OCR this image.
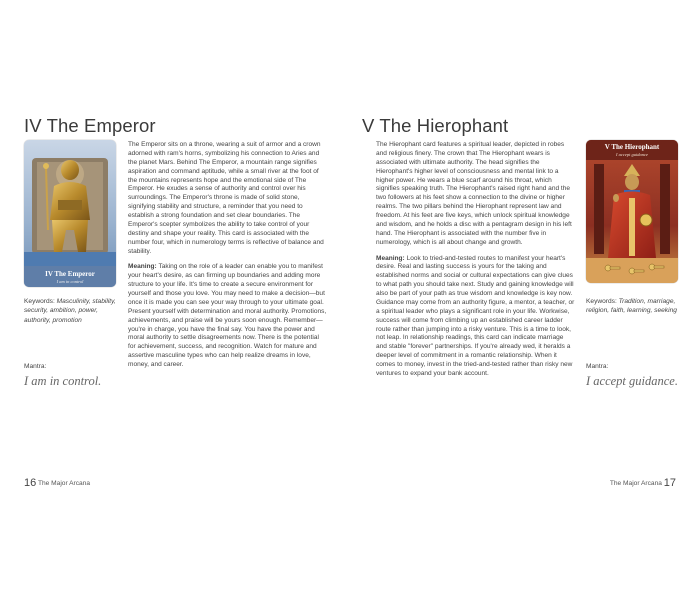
IV The Emperor
IV The Emperor
I am in control
Keywords: Masculinity, stability, security, ambition, power, authority, promotion
Mantra:
I am in control.

The Emperor sits on a throne, wearing a suit of armor and a crown adorned with ram's horns, symbolizing his connection to Aries and the planet Mars. Behind The Emperor, a mountain range signifies aspiration and command aptitude, while a small river at the foot of the mountains represents hope and the emotional side of The Emperor. He exudes a sense of authority and control over his surroundings. The Emperor's throne is made of solid stone, signifying stability and structure, a reminder that you need to establish a strong foundation and set clear boundaries. The Emperor's scepter symbolizes the ability to take control of your destiny and shape your reality. This card is associated with the number four, which in numerology terms is reflective of balance and stability.

Meaning: Taking on the role of a leader can enable you to manifest your heart's desire, as can firming up boundaries and adding more structure to your life. It's time to create a secure environment for yourself and those you love. You may need to make a decision—but once it is made you can see your way through to your ultimate goal. Present yourself with determination and moral authority. Promotions, achievements, and praise will be yours soon enough. Remember—you're in charge, you have the final say. You have the power and moral authority to settle disagreements now. There is the potential for achievement, success, and recognition. Watch for mature and assertive masculine types who can help realize dreams in love, money, and career.

16 The Major Arcana
V The Hierophant

The Hierophant card features a spiritual leader, depicted in robes and religious finery. The crown that The Hierophant wears is associated with ultimate authority. The head signifies the Hierophant's higher level of consciousness and mental link to a higher power. He wears a blue scarf around his throat, which signifies speaking truth. The Hierophant's raised right hand and the two followers at his feet show a connection to the divine or higher realms. The two pillars behind the Hierophant represent law and freedom. At his feet are five keys, which unlock spiritual knowledge and wisdom, and he holds a disc with a pentagram design in his left hand. The Hierophant is associated with the number five in numerology, which is all about change and growth.

Meaning: Look to tried-and-tested routes to manifest your heart's desire. Real and lasting success is yours for the taking and established norms and social or cultural expectations can give clues to what path you should take next. Study and gaining knowledge will also be part of your path as true wisdom and knowledge is key now. Guidance may come from an authority figure, a mentor, a teacher, or a spiritual leader who plays a significant role in your life. Workwise, success will come from climbing up an established career ladder route rather than jumping into a risky venture. This is a time to look, not leap. In relationship readings, this card can indicate marriage and stable "forever" partnerships. If you're already wed, it heralds a deeper level of commitment in a romantic relationship. When it comes to money, invest in the tried-and-tested rather than risky new ventures to expand your bank account.

V The Hierophant
I accept guidance
Keywords: Tradition, marriage, religion, faith, learning, seeking
Mantra:
I accept guidance.
The Major Arcana 17
